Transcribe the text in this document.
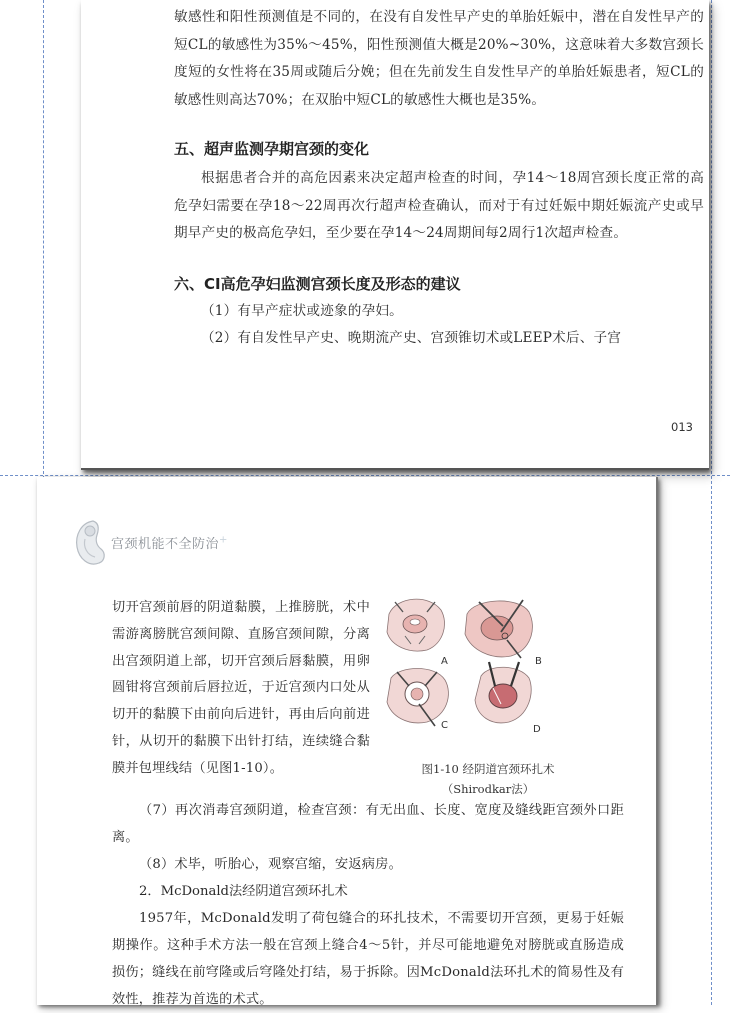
敏感性和阳性预测值是不同的，在没有自发性早产史的单胎妊娠中，潜在自发性早产的短CL的敏感性为35%～45%，阳性预测值大概是20%~30%，这意味着大多数宫颈长度短的女性将在35周或随后分娩；但在先前发生自发性早产的单胎妊娠患者，短CL的敏感性则高达70%；在双胎中短CL的敏感性大概也是35%。

五、超声监测孕期宫颈的变化

根据患者合并的高危因素来决定超声检查的时间，孕14～18周宫颈长度正常的高危孕妇需要在孕18～22周再次行超声检查确认，而对于有过妊娠中期妊娠流产史或早期早产史的极高危孕妇，至少要在孕14～24周期间每2周行1次超声检查。

六、CI高危孕妇监测宫颈长度及形态的建议

（1）有早产症状或迹象的孕妇。

（2）有自发性早产史、晚期流产史、宫颈锥切术或LEEP术后、子宫

013
宫颈机能不全防治+

切开宫颈前唇的阴道黏膜，上推膀胱，术中需游离膀胱宫颈间隙、直肠宫颈间隙，分离出宫颈阴道上部，切开宫颈后唇黏膜，用卵圆钳将宫颈前后唇拉近，于近宫颈内口处从切开的黏膜下由前向后进针，再由后向前进针，从切开的黏膜下出针打结，连续缝合黏膜并包埋线结（见图1-10）。

A	B
C	D
图1-10 经阴道宫颈环扎术
（Shirodkar法）

（7）再次消毒宫颈阴道，检查宫颈：有无出血、长度、宽度及缝线距宫颈外口距离。

（8）术毕，听胎心，观察宫缩，安返病房。

2．McDonald法经阴道宫颈环扎术

1957年，McDonald发明了荷包缝合的环扎技术，不需要切开宫颈，更易于妊娠期操作。这种手术方法一般在宫颈上缝合4～5针，并尽可能地避免对膀胱或直肠造成损伤；缝线在前穹隆或后穹隆处打结，易于拆除。因McDonald法环扎术的简易性及有效性，推荐为首选的术式。
